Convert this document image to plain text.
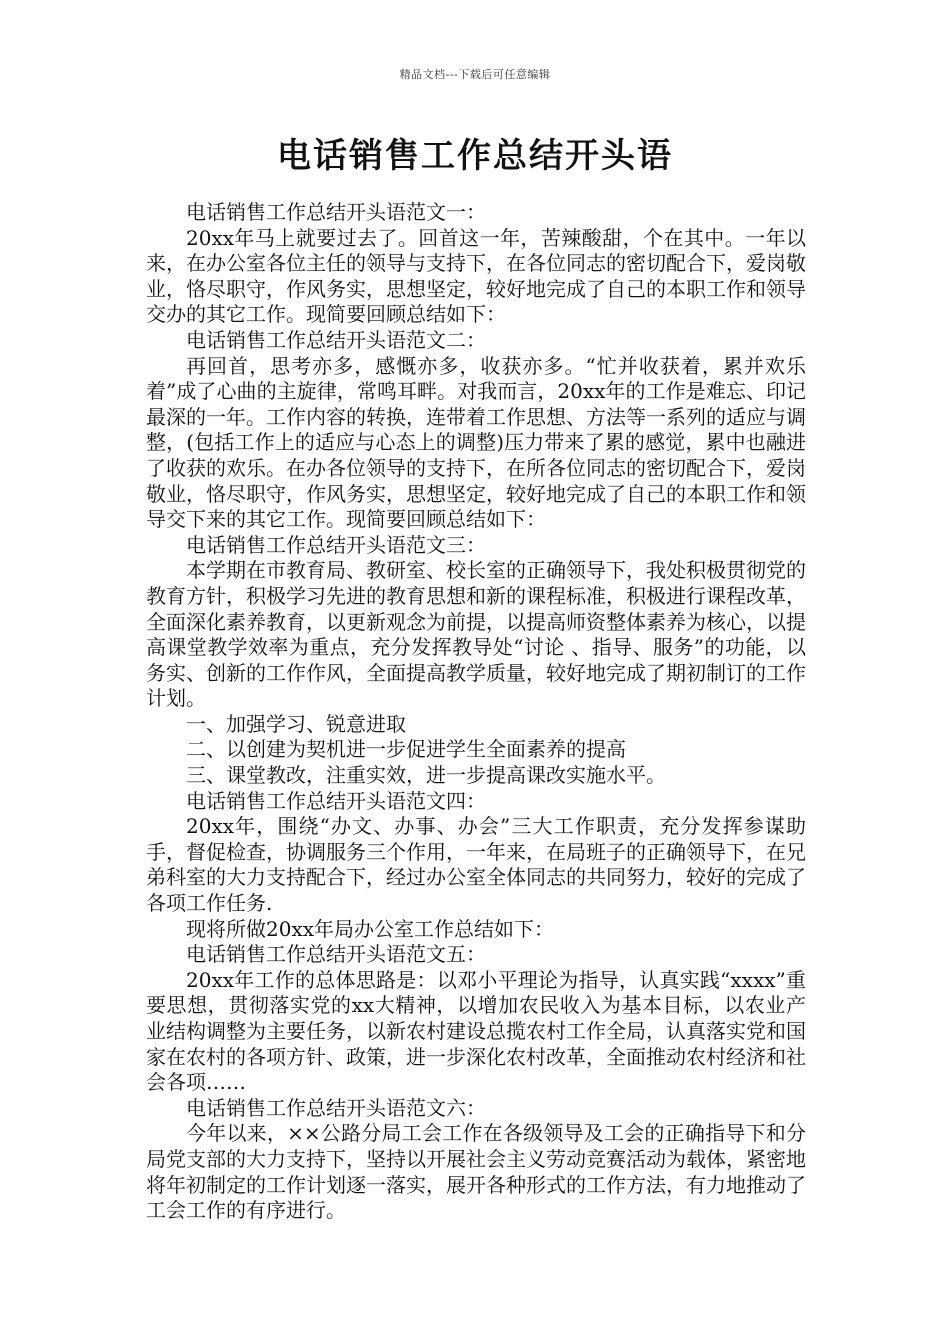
精品文档---下载后可任意编辑
电话销售工作总结开头语

电话销售工作总结开头语范文一：

20xx年马上就要过去了。回首这一年，苦辣酸甜，个在其中。一年以来，在办公室各位主任的领导与支持下，在各位同志的密切配合下，爱岗敬业，恪尽职守，作风务实，思想坚定，较好地完成了自己的本职工作和领导交办的其它工作。现简要回顾总结如下：

电话销售工作总结开头语范文二：

再回首，思考亦多，感慨亦多，收获亦多。“忙并收获着，累并欢乐着”成了心曲的主旋律，常鸣耳畔。对我而言，20xx年的工作是难忘、印记最深的一年。工作内容的转换，连带着工作思想、方法等一系列的适应与调整，(包括工作上的适应与心态上的调整)压力带来了累的感觉，累中也融进了收获的欢乐。在办各位领导的支持下，在所各位同志的密切配合下，爱岗敬业，恪尽职守，作风务实，思想坚定，较好地完成了自己的本职工作和领导交下来的其它工作。现简要回顾总结如下：

电话销售工作总结开头语范文三：

本学期在市教育局、教研室、校长室的正确领导下，我处积极贯彻党的教育方针，积极学习先进的教育思想和新的课程标准，积极进行课程改革，全面深化素养教育，以更新观念为前提，以提高师资整体素养为核心，以提高课堂教学效率为重点，充分发挥教导处“讨论 、指导、服务”的功能，以务实、创新的工作作风，全面提高教学质量，较好地完成了期初制订的工作计划。

一、加强学习、锐意进取

二、以创建为契机进一步促进学生全面素养的提高

三、课堂教改，注重实效，进一步提高课改实施水平。

电话销售工作总结开头语范文四：

20xx年，围绕“办文、办事、办会”三大工作职责，充分发挥参谋助手，督促检查，协调服务三个作用，一年来，在局班子的正确领导下，在兄弟科室的大力支持配合下，经过办公室全体同志的共同努力，较好的完成了各项工作任务.

现将所做20xx年局办公室工作总结如下：

电话销售工作总结开头语范文五：

20xx年工作的总体思路是：以邓小平理论为指导，认真实践“xxxx”重要思想，贯彻落实党的xx大精神，以增加农民收入为基本目标，以农业产业结构调整为主要任务，以新农村建设总揽农村工作全局，认真落实党和国家在农村的各项方针、政策，进一步深化农村改革，全面推动农村经济和社会各项……

电话销售工作总结开头语范文六：

今年以来，××公路分局工会工作在各级领导及工会的正确指导下和分局党支部的大力支持下，坚持以开展社会主义劳动竞赛活动为载体，紧密地将年初制定的工作计划逐一落实，展开各种形式的工作方法，有力地推动了工会工作的有序进行。
